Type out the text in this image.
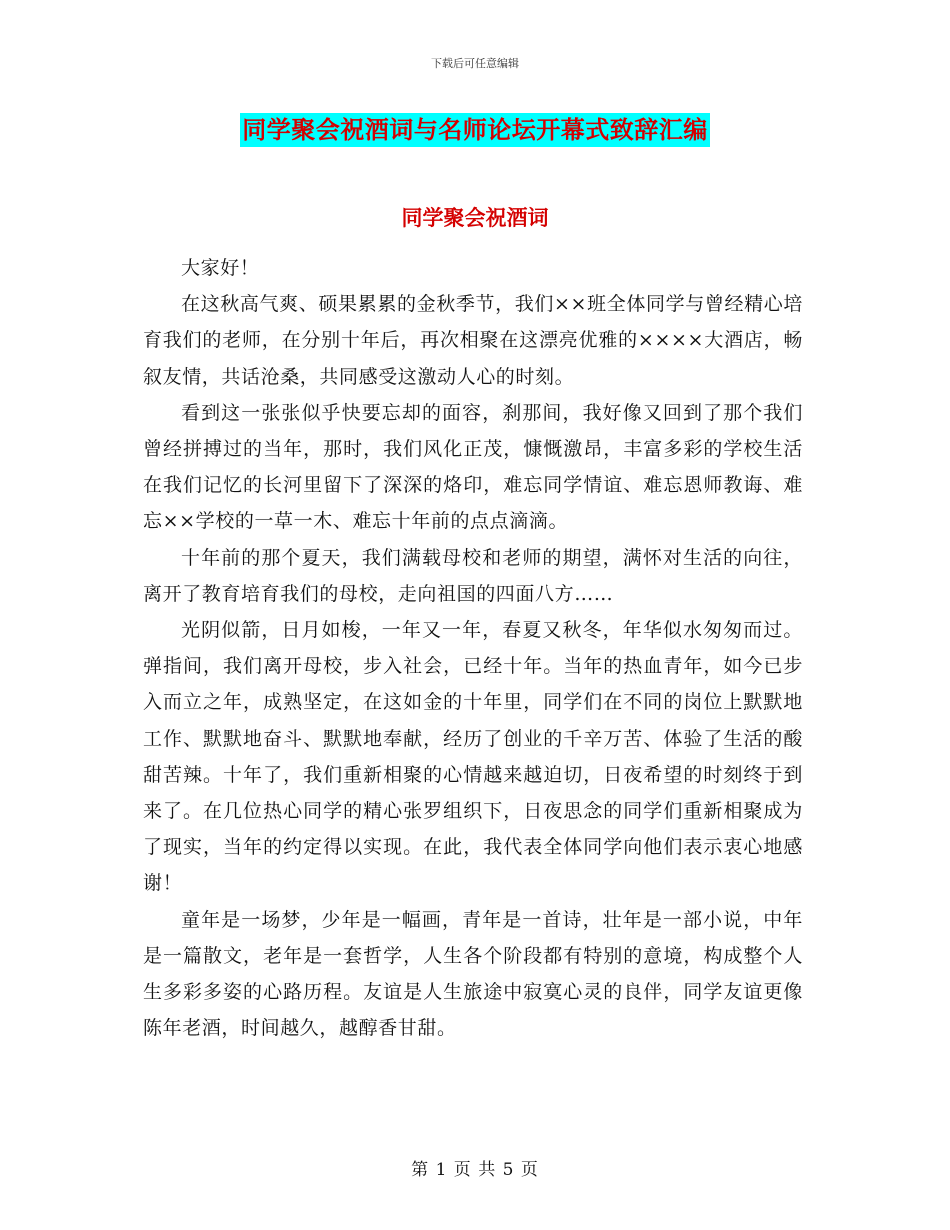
下载后可任意编辑
同学聚会祝酒词与名师论坛开幕式致辞汇编
同学聚会祝酒词

大家好！

在这秋高气爽、硕果累累的金秋季节，我们××班全体同学与曾经精心培育我们的老师，在分别十年后，再次相聚在这漂亮优雅的××××大酒店，畅叙友情，共话沧桑，共同感受这激动人心的时刻。

看到这一张张似乎快要忘却的面容，刹那间，我好像又回到了那个我们曾经拼搏过的当年，那时，我们风化正茂，慷慨激昂，丰富多彩的学校生活在我们记忆的长河里留下了深深的烙印，难忘同学情谊、难忘恩师教诲、难忘××学校的一草一木、难忘十年前的点点滴滴。

十年前的那个夏天，我们满载母校和老师的期望，满怀对生活的向往，离开了教育培育我们的母校，走向祖国的四面八方……

光阴似箭，日月如梭，一年又一年，春夏又秋冬，年华似水匆匆而过。弹指间，我们离开母校，步入社会，已经十年。当年的热血青年，如今已步入而立之年，成熟坚定，在这如金的十年里，同学们在不同的岗位上默默地工作、默默地奋斗、默默地奉献，经历了创业的千辛万苦、体验了生活的酸甜苦辣。十年了，我们重新相聚的心情越来越迫切，日夜希望的时刻终于到来了。在几位热心同学的精心张罗组织下，日夜思念的同学们重新相聚成为了现实，当年的约定得以实现。在此，我代表全体同学向他们表示衷心地感谢！

童年是一场梦，少年是一幅画，青年是一首诗，壮年是一部小说，中年是一篇散文，老年是一套哲学，人生各个阶段都有特别的意境，构成整个人生多彩多姿的心路历程。友谊是人生旅途中寂寞心灵的良伴，同学友谊更像陈年老酒，时间越久，越醇香甘甜。

第 1 页 共 5 页
